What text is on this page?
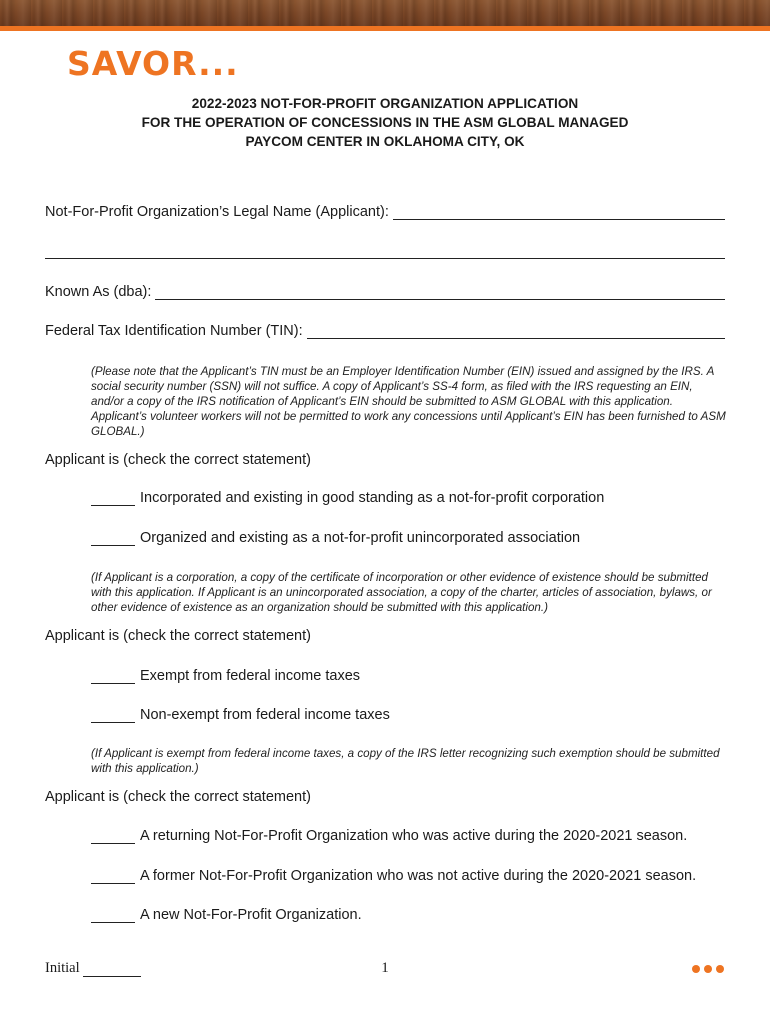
SAVOR...
2022-2023 NOT-FOR-PROFIT ORGANIZATION APPLICATION
FOR THE OPERATION OF CONCESSIONS IN THE ASM GLOBAL MANAGED
PAYCOM CENTER IN OKLAHOMA CITY, OK
Not-For-Profit Organization’s Legal Name (Applicant):
Known As (dba):
Federal Tax Identification Number (TIN):
(Please note that the Applicant’s TIN must be an Employer Identification Number (EIN) issued and assigned by the IRS. A social security number (SSN) will not suffice. A copy of Applicant’s SS-4 form, as filed with the IRS requesting an EIN, and/or a copy of the IRS notification of Applicant’s EIN should be submitted to ASM GLOBAL with this application. Applicant’s volunteer workers will not be permitted to work any concessions until Applicant’s EIN has been furnished to ASM GLOBAL.)
Applicant is (check the correct statement)
Incorporated and existing in good standing as a not-for-profit corporation
Organized and existing as a not-for-profit unincorporated association
(If Applicant is a corporation, a copy of the certificate of incorporation or other evidence of existence should be submitted with this application. If Applicant is an unincorporated association, a copy of the charter, articles of association, bylaws, or other evidence of existence as an organization should be submitted with this application.)
Applicant is (check the correct statement)
Exempt from federal income taxes
Non-exempt from federal income taxes
(If Applicant is exempt from federal income taxes, a copy of the IRS letter recognizing such exemption should be submitted with this application.)
Applicant is (check the correct statement)
A returning Not-For-Profit Organization who was active during the 2020-2021 season.
A former Not-For-Profit Organization who was not active during the 2020-2021 season.
A new Not-For-Profit Organization.
Initial	1
